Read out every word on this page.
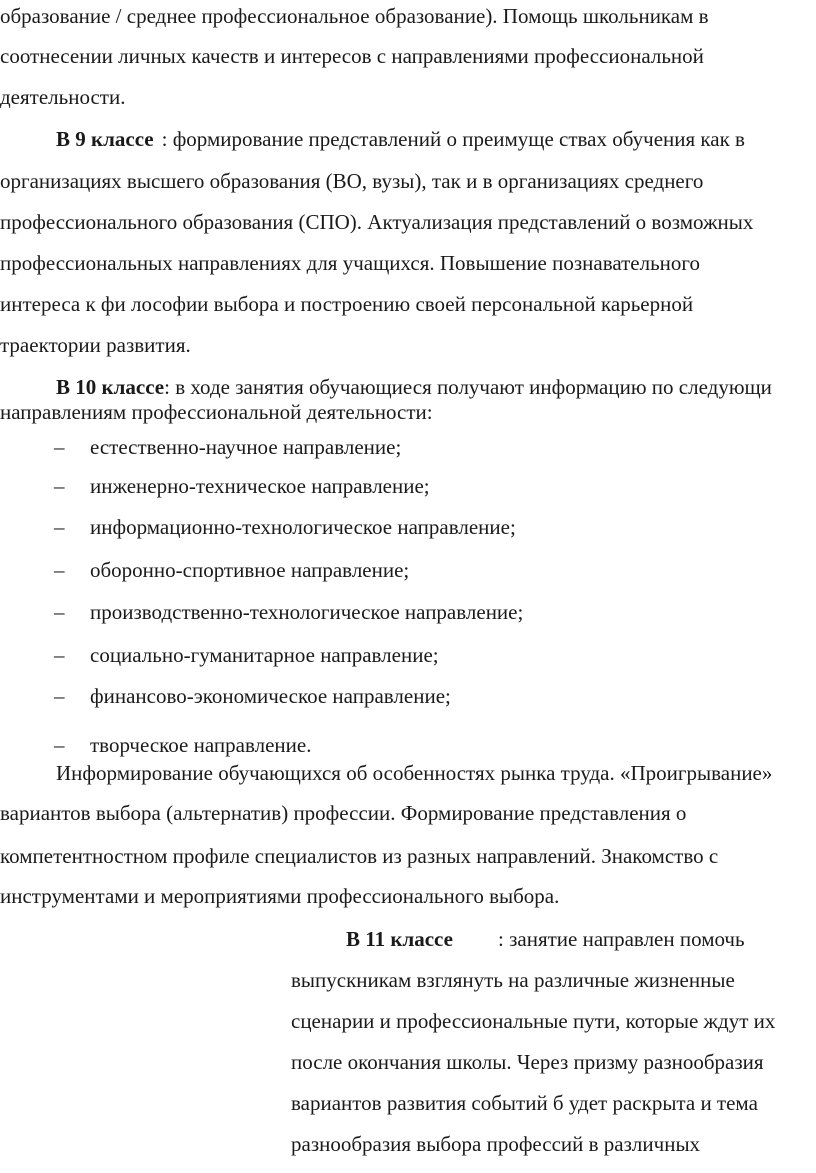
образование / среднее профессиональное образование). Помощь школьникам в
соотнесении личных качеств и интересов с направлениями профессиональной
деятельности.
В 9 классе : формирование представлений о преимуще ствах обучения как в
организациях высшего образования (ВО, вузы), так и в организациях среднего
профессионального образования (СПО). Актуализация представлений о возможных
профессиональных направлениях для учащихся. Повышение познавательного
интереса к фи лософии выбора и построению своей персональной карьерной
траектории развития.
В 10 классе: в ходе занятия обучающиеся получают информацию по следующи
направлениям профессиональной деятельности:
– естественно-научное направление;
– инженерно-техническое направление;
– информационно-технологическое направление;
– оборонно-спортивное направление;
– производственно-технологическое направление;
– социально-гуманитарное направление;
– финансово-экономическое направление;
– творческое направление.
Информирование обучающихся об особенностях рынка труда. «Проигрывание»
вариантов выбора (альтернатив) профессии. Формирование представления о
компетентностном профиле специалистов из разных направлений. Знакомство с
инструментами и мероприятиями профессионального выбора.
В 11 классе : занятие направлен помочь
выпускникам взглянуть на различные жизненные
сценарии и профессиональные пути, которые ждут их
после окончания школы. Через призму разнообразия
вариантов развития событий б удет раскрыта и тема
разнообразия выбора профессий в различных
